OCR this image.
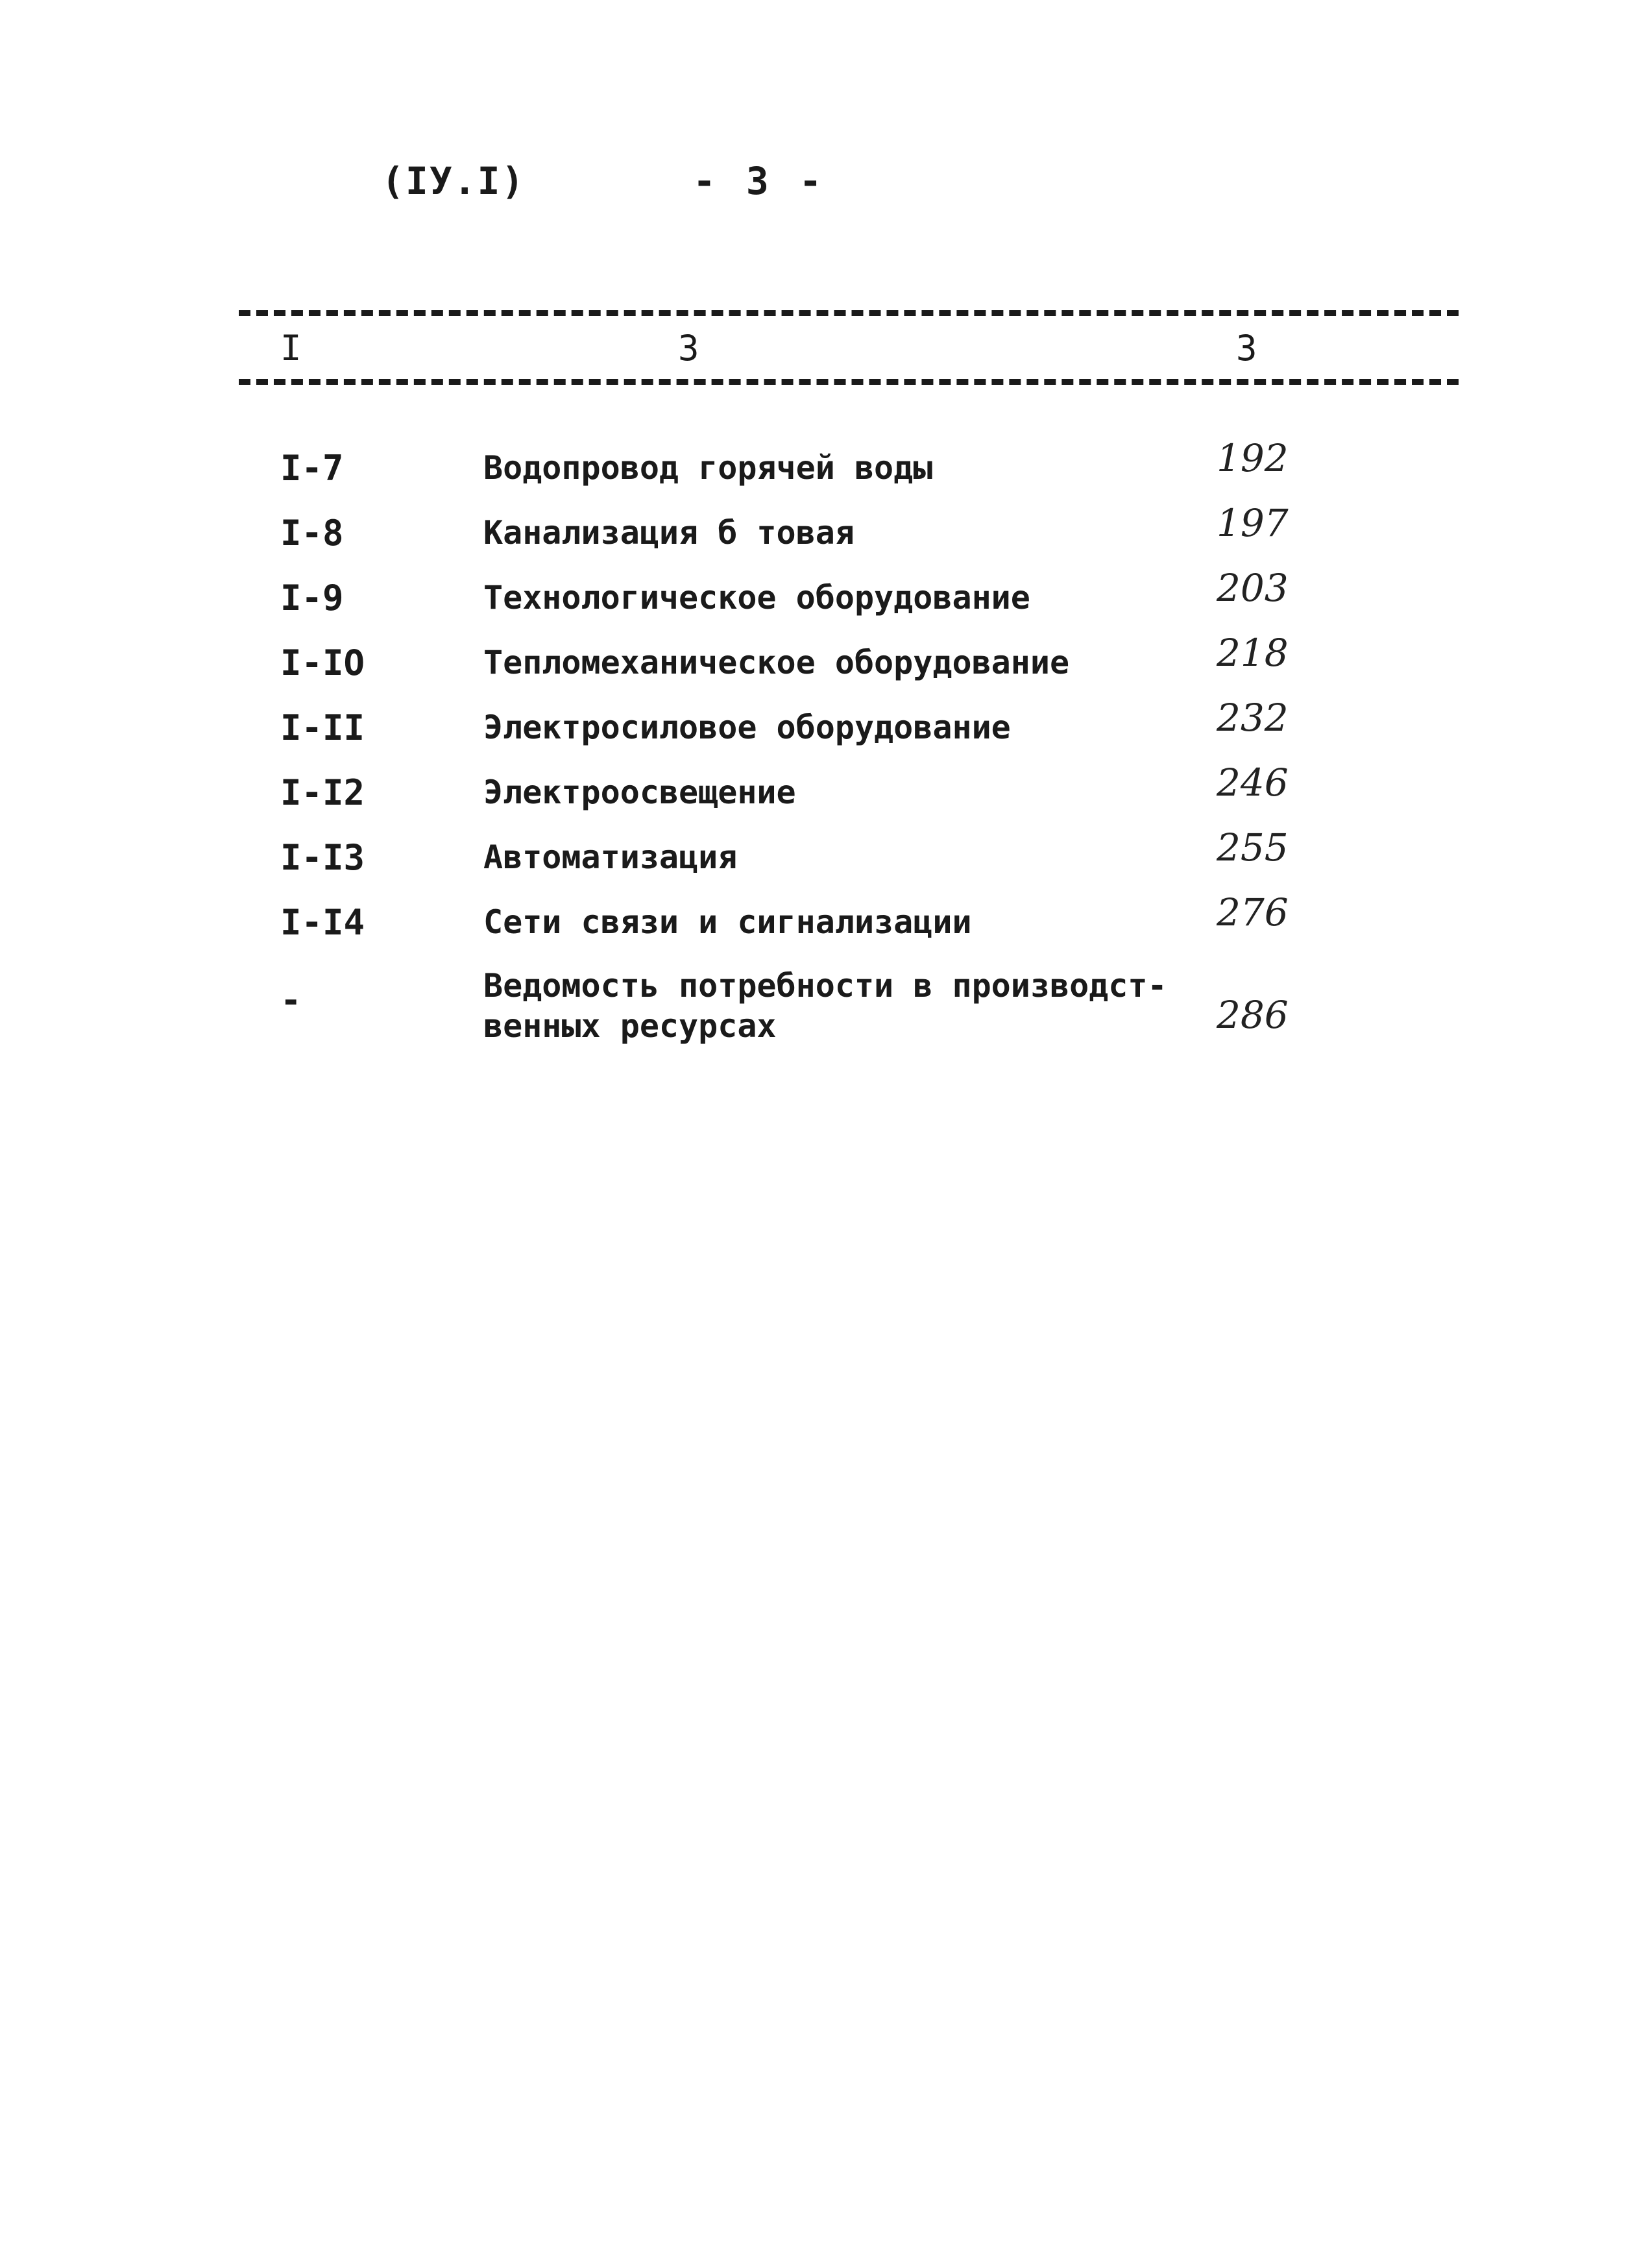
(IУ.I)	- 3 -
I	3	3
I-7	Водопровод горячей воды	192
I-8	Канализация б товая	197
I-9	Технологическое оборудование	203
I-IO	Тепломеханическое оборудование	218
I-II	Электросиловое оборудование	232
I-I2	Электроосвещение	246
I-I3	Автоматизация	255
I-I4	Сети связи и сигнализации	276
-	Ведомость потребности в производст-
венных ресурсах	286
